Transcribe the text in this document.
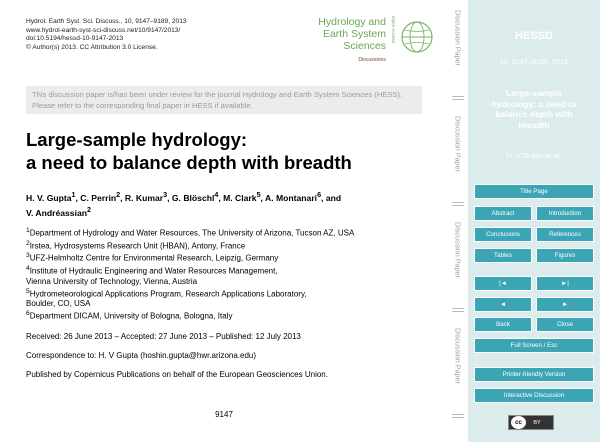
Hydrol. Earth Syst. Sci. Discuss., 10, 9147–9189, 2013
www.hydrol-earth-syst-sci-discuss.net/10/9147/2013/
doi:10.5194/hessd-10-9147-2013
© Author(s) 2013. CC Attribution 3.0 License.
Hydrology and
Earth System
Sciences
Discussions
Open Access
This discussion paper is/has been under review for the journal Hydrology and Earth System Sciences (HESS). Please refer to the corresponding final paper in HESS if available.
Large-sample hydrology:
a need to balance depth with breadth
H. V. Gupta$^1$, C. Perrin$^2$, R. Kumar$^3$, G. Blöschl$^4$, M. Clark$^5$, A. Montanari$^6$, and
V. Andréassian$^2$
$^1$Department of Hydrology and Water Resources, The University of Arizona, Tucson AZ, USA
$^2$Irstea, Hydrosystems Research Unit (HBAN), Antony, France
$^3$UFZ-Helmholtz Centre for Environmental Research, Leipzig, Germany
$^4$Institute of Hydraulic Engineering and Water Resources Management,
Vienna University of Technology, Vienna, Austria
$^5$Hydrometeorological Applications Program, Research Applications Laboratory,
Boulder, CO, USA
$^6$Department DICAM, University of Bologna, Bologna, Italy
Received: 26 June 2013 – Accepted: 27 June 2013 – Published: 12 July 2013
Correspondence to: H. V Gupta (hoshin.gupta@hwr.arizona.edu)
Published by Copernicus Publications on behalf of the European Geosciences Union.
9147
Discussion Paper
Discussion Paper
Discussion Paper
Discussion Paper
HESSD
10, 9147–9189, 2013
Large-sample
hydrology: a need to
balance depth with
breadth
H. V Gupta et al.
Title Page
Abstract	Introduction
Conclusions	References
Tables	Figures
|◄	►|
◄	►
Back	Close
Full Screen / Esc
Printer-friendly Version
Interactive Discussion
cc	BY
